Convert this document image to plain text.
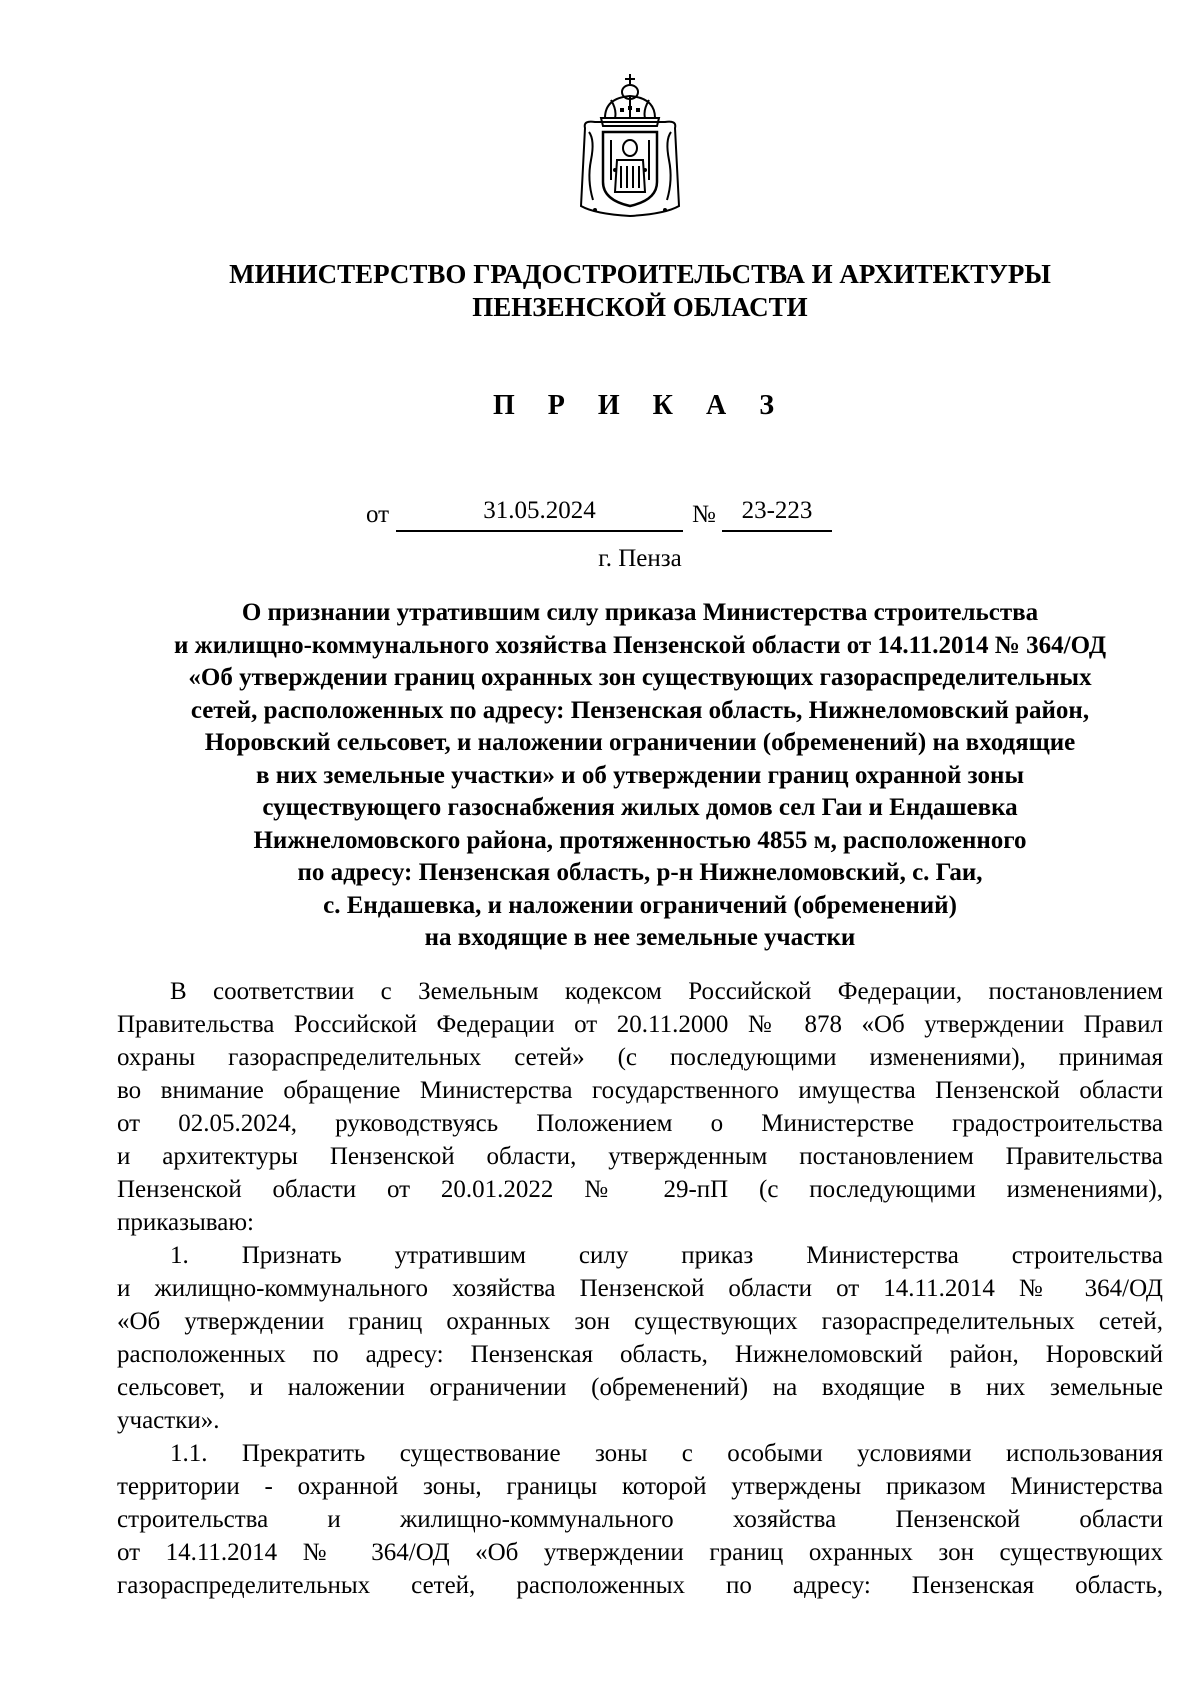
МИНИСТЕРСТВО ГРАДОСТРОИТЕЛЬСТВА И АРХИТЕКТУРЫ
ПЕНЗЕНСКОЙ ОБЛАСТИ
П Р И К А З
от	31.05.2024	№	23-223
г. Пенза
О признании утратившим силу приказа Министерства строительства
и жилищно-коммунального хозяйства Пензенской области от 14.11.2014 № 364/ОД
«Об утверждении границ охранных зон существующих газораспределительных
сетей, расположенных по адресу: Пензенская область, Нижнеломовский район,
Норовский сельсовет, и наложении ограничении (обременений) на входящие
в них земельные участки» и об утверждении границ охранной зоны
существующего газоснабжения жилых домов сел Гаи и Ендашевка
Нижнеломовского района, протяженностью 4855 м, расположенного
по адресу: Пензенская область, р-н Нижнеломовский, с. Гаи,
с. Ендашевка, и наложении ограничений (обременений)
на входящие в нее земельные участки
В соответствии с Земельным кодексом Российской Федерации, постановлением
Правительства Российской Федерации от 20.11.2000 № 878 «Об утверждении Правил
охраны газораспределительных сетей» (с последующими изменениями), принимая
во внимание обращение Министерства государственного имущества Пензенской области
от 02.05.2024, руководствуясь Положением о Министерстве градостроительства
и архитектуры Пензенской области, утвержденным постановлением Правительства
Пензенской области от 20.01.2022 № 29-пП (с последующими изменениями),
приказываю:
1. Признать утратившим силу приказ Министерства строительства
и жилищно-коммунального хозяйства Пензенской области от 14.11.2014 № 364/ОД
«Об утверждении границ охранных зон существующих газораспределительных сетей,
расположенных по адресу: Пензенская область, Нижнеломовский район, Норовский
сельсовет, и наложении ограничении (обременений) на входящие в них земельные
участки».
1.1. Прекратить существование зоны с особыми условиями использования
территории - охранной зоны, границы которой утверждены приказом Министерства
строительства и жилищно-коммунального хозяйства Пензенской области
от 14.11.2014 № 364/ОД «Об утверждении границ охранных зон существующих
газораспределительных сетей, расположенных по адресу: Пензенская область,
